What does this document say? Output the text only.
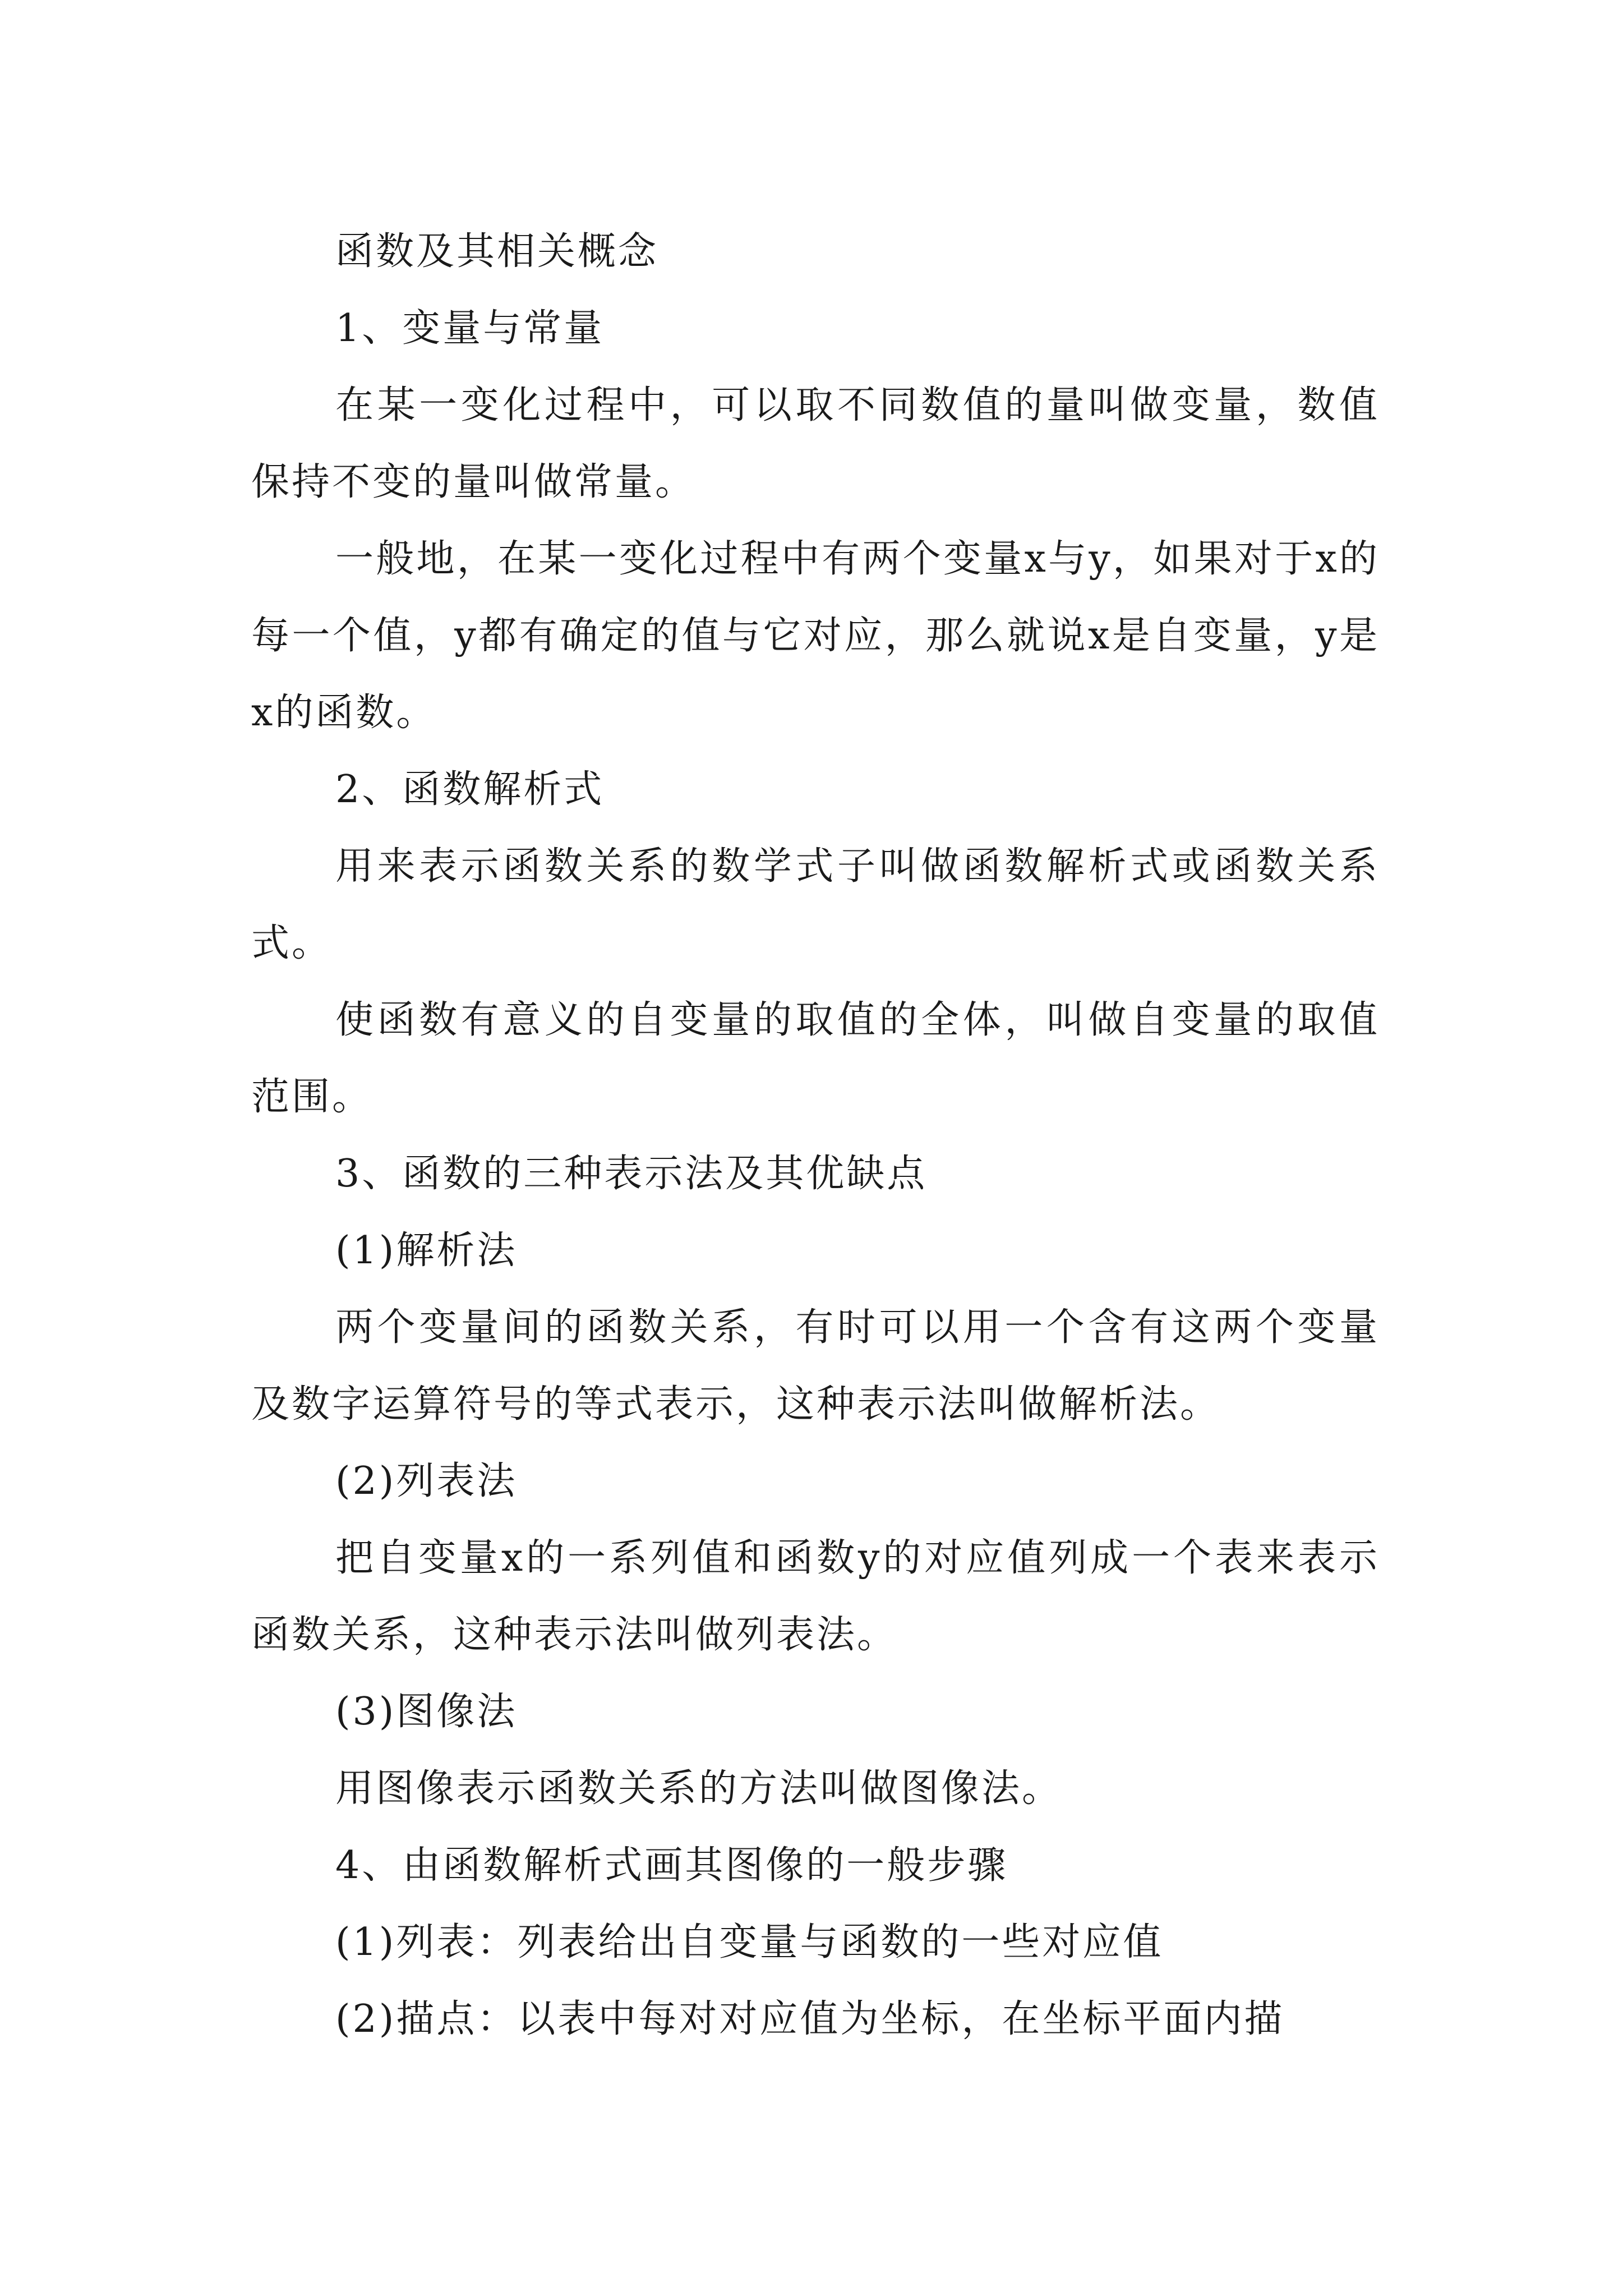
函数及其相关概念

1、变量与常量

在某一变化过程中，可以取不同数值的量叫做变量，数值保持不变的量叫做常量。

一般地，在某一变化过程中有两个变量x与y，如果对于x的每一个值，y都有确定的值与它对应，那么就说x是自变量，y是x的函数。

2、函数解析式

用来表示函数关系的数学式子叫做函数解析式或函数关系式。

使函数有意义的自变量的取值的全体，叫做自变量的取值范围。

3、函数的三种表示法及其优缺点

(1)解析法

两个变量间的函数关系，有时可以用一个含有这两个变量及数字运算符号的等式表示，这种表示法叫做解析法。

(2)列表法

把自变量x的一系列值和函数y的对应值列成一个表来表示函数关系，这种表示法叫做列表法。

(3)图像法

用图像表示函数关系的方法叫做图像法。

4、由函数解析式画其图像的一般步骤

(1)列表：列表给出自变量与函数的一些对应值

(2)描点：以表中每对对应值为坐标，在坐标平面内描
